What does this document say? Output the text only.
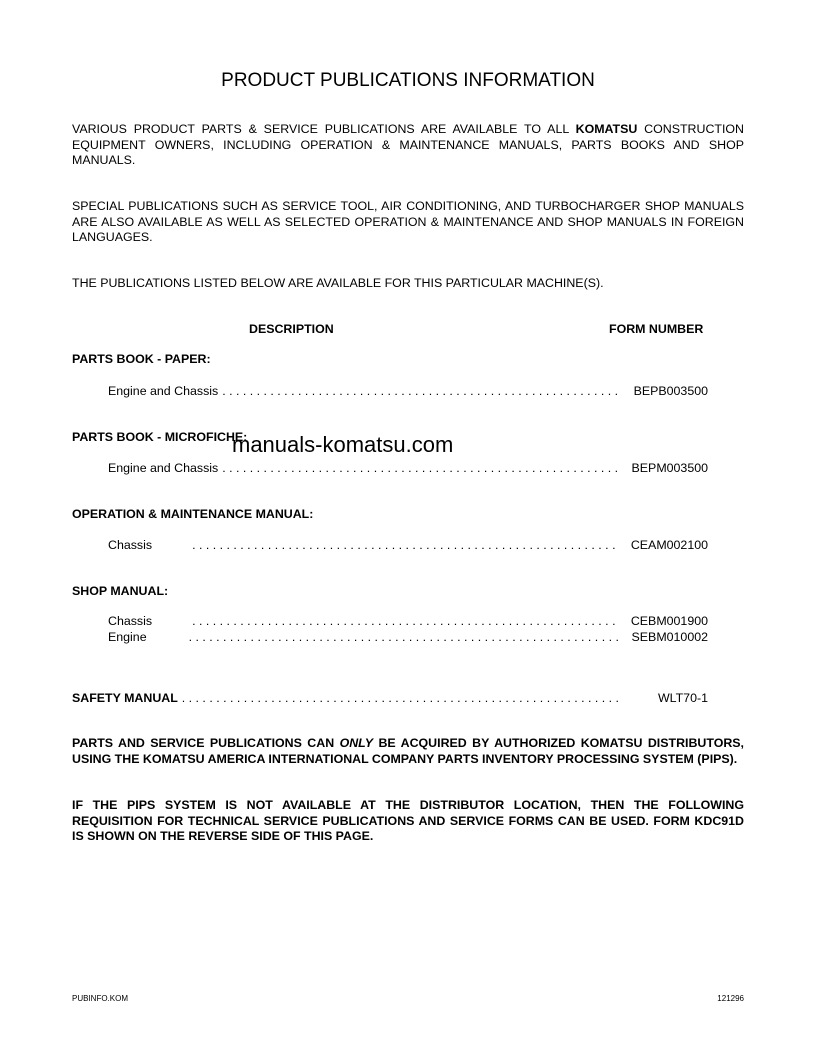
PRODUCT PUBLICATIONS INFORMATION
VARIOUS PRODUCT PARTS & SERVICE PUBLICATIONS ARE AVAILABLE TO ALL KOMATSU CONSTRUCTION EQUIPMENT OWNERS, INCLUDING OPERATION & MAINTENANCE MANUALS, PARTS BOOKS AND SHOP MANUALS.
SPECIAL PUBLICATIONS SUCH AS SERVICE TOOL, AIR CONDITIONING, AND TURBOCHARGER SHOP MANUALS ARE ALSO AVAILABLE AS WELL AS SELECTED OPERATION & MAINTENANCE AND SHOP MANUALS IN FOREIGN LANGUAGES.
THE PUBLICATIONS LISTED BELOW ARE AVAILABLE FOR THIS PARTICULAR MACHINE(S).
DESCRIPTION	FORM NUMBER
PARTS BOOK - PAPER:
Engine and Chassis . . .	BEPB003500
PARTS BOOK - MICROFICHE:
Engine and Chassis . . .	BEPM003500
OPERATION & MAINTENANCE MANUAL:
Chassis . . .	CEAM002100
SHOP MANUAL:
Chassis . . .	CEBM001900
Engine . . .	SEBM010002
SAFETY MANUAL . . .	WLT70-1
PARTS AND SERVICE PUBLICATIONS CAN ONLY BE ACQUIRED BY AUTHORIZED KOMATSU DISTRIBUTORS, USING THE KOMATSU AMERICA INTERNATIONAL COMPANY PARTS INVENTORY PROCESSING SYSTEM (PIPS).
IF THE PIPS SYSTEM IS NOT AVAILABLE AT THE DISTRIBUTOR LOCATION, THEN THE FOLLOWING REQUISITION FOR TECHNICAL SERVICE PUBLICATIONS AND SERVICE FORMS CAN BE USED. FORM KDC91D IS SHOWN ON THE REVERSE SIDE OF THIS PAGE.
manuals-komatsu.com
PUBINFO.KOM	121296
